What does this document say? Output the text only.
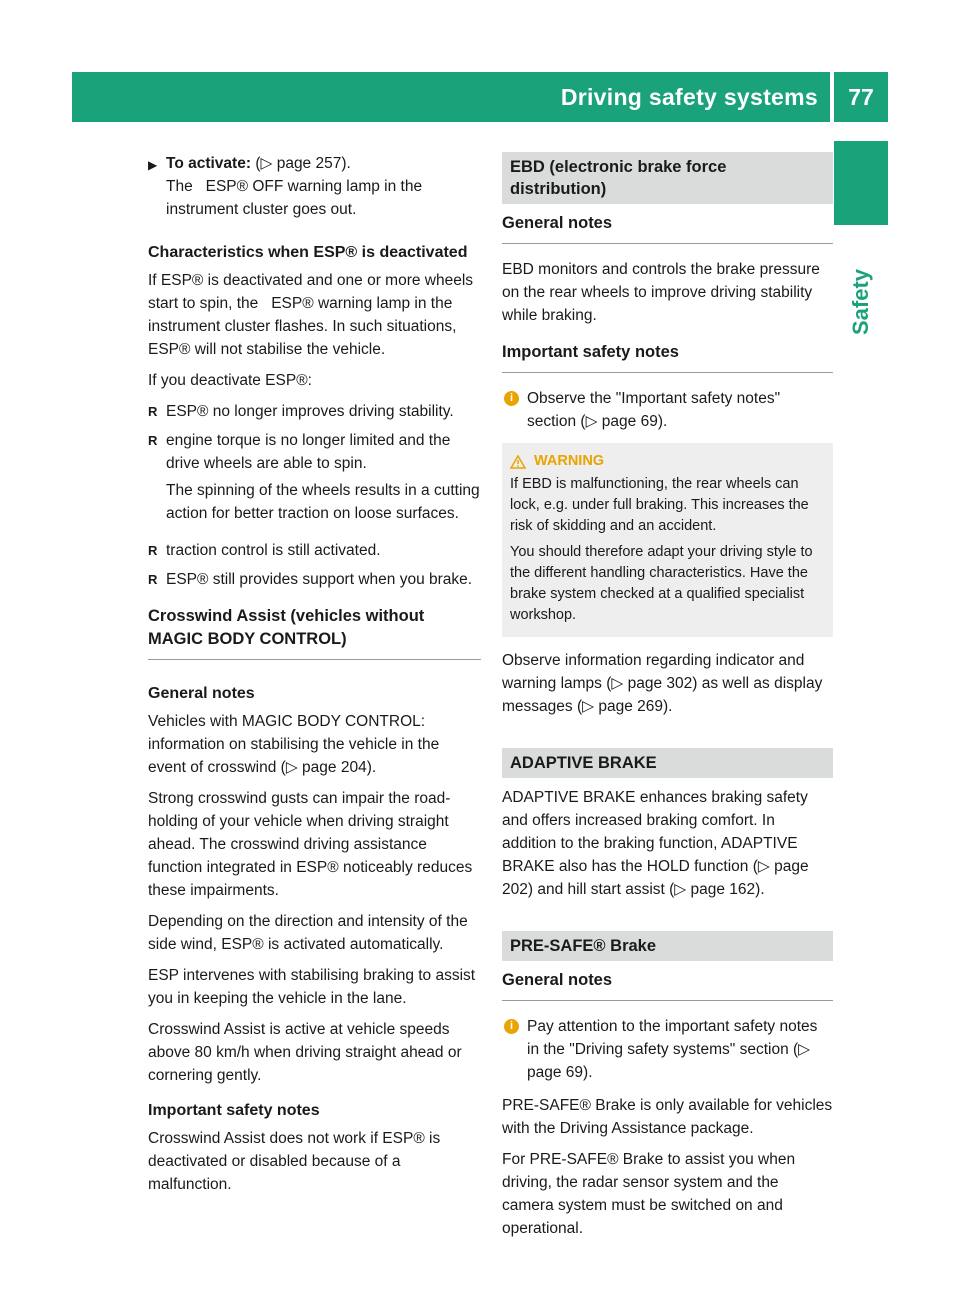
Driving safety systems	77
Safety
▶ To activate: (▷ page 257).

The   ESP® OFF warning lamp in the instrument cluster goes out.

Characteristics when ESP® is deactivated

If ESP® is deactivated and one or more wheels start to spin, the   ESP® warning lamp in the instrument cluster flashes. In such situations, ESP® will not stabilise the vehicle.

If you deactivate ESP®:

R ESP® no longer improves driving stability.
R engine torque is no longer limited and the drive wheels are able to spin.

The spinning of the wheels results in a cutting action for better traction on loose surfaces.

R traction control is still activated.
R ESP® still provides support when you brake.
Crosswind Assist (vehicles without MAGIC BODY CONTROL)
General notes

Vehicles with MAGIC BODY CONTROL: information on stabilising the vehicle in the event of crosswind (▷ page 204).

Strong crosswind gusts can impair the road-holding of your vehicle when driving straight ahead. The crosswind driving assistance function integrated in ESP® noticeably reduces these impairments.

Depending on the direction and intensity of the side wind, ESP® is activated automatically.

ESP intervenes with stabilising braking to assist you in keeping the vehicle in the lane.

Crosswind Assist is active at vehicle speeds above 80 km/h when driving straight ahead or cornering gently.

Important safety notes

Crosswind Assist does not work if ESP® is deactivated or disabled because of a malfunction.

EBD (electronic brake force distribution)
General notes

EBD monitors and controls the brake pressure on the rear wheels to improve driving stability while braking.

Important safety notes
i Observe the "Important safety notes" section (▷ page 69).
WARNING

If EBD is malfunctioning, the rear wheels can lock, e.g. under full braking. This increases the risk of skidding and an accident.

You should therefore adapt your driving style to the different handling characteristics. Have the brake system checked at a qualified specialist workshop.

Observe information regarding indicator and warning lamps (▷ page 302) as well as display messages (▷ page 269).

ADAPTIVE BRAKE

ADAPTIVE BRAKE enhances braking safety and offers increased braking comfort. In addition to the braking function, ADAPTIVE BRAKE also has the HOLD function (▷ page 202) and hill start assist (▷ page 162).

PRE-SAFE® Brake
General notes
i Pay attention to the important safety notes in the "Driving safety systems" section (▷ page 69).

PRE-SAFE® Brake is only available for vehicles with the Driving Assistance package.

For PRE-SAFE® Brake to assist you when driving, the radar sensor system and the camera system must be switched on and operational.
